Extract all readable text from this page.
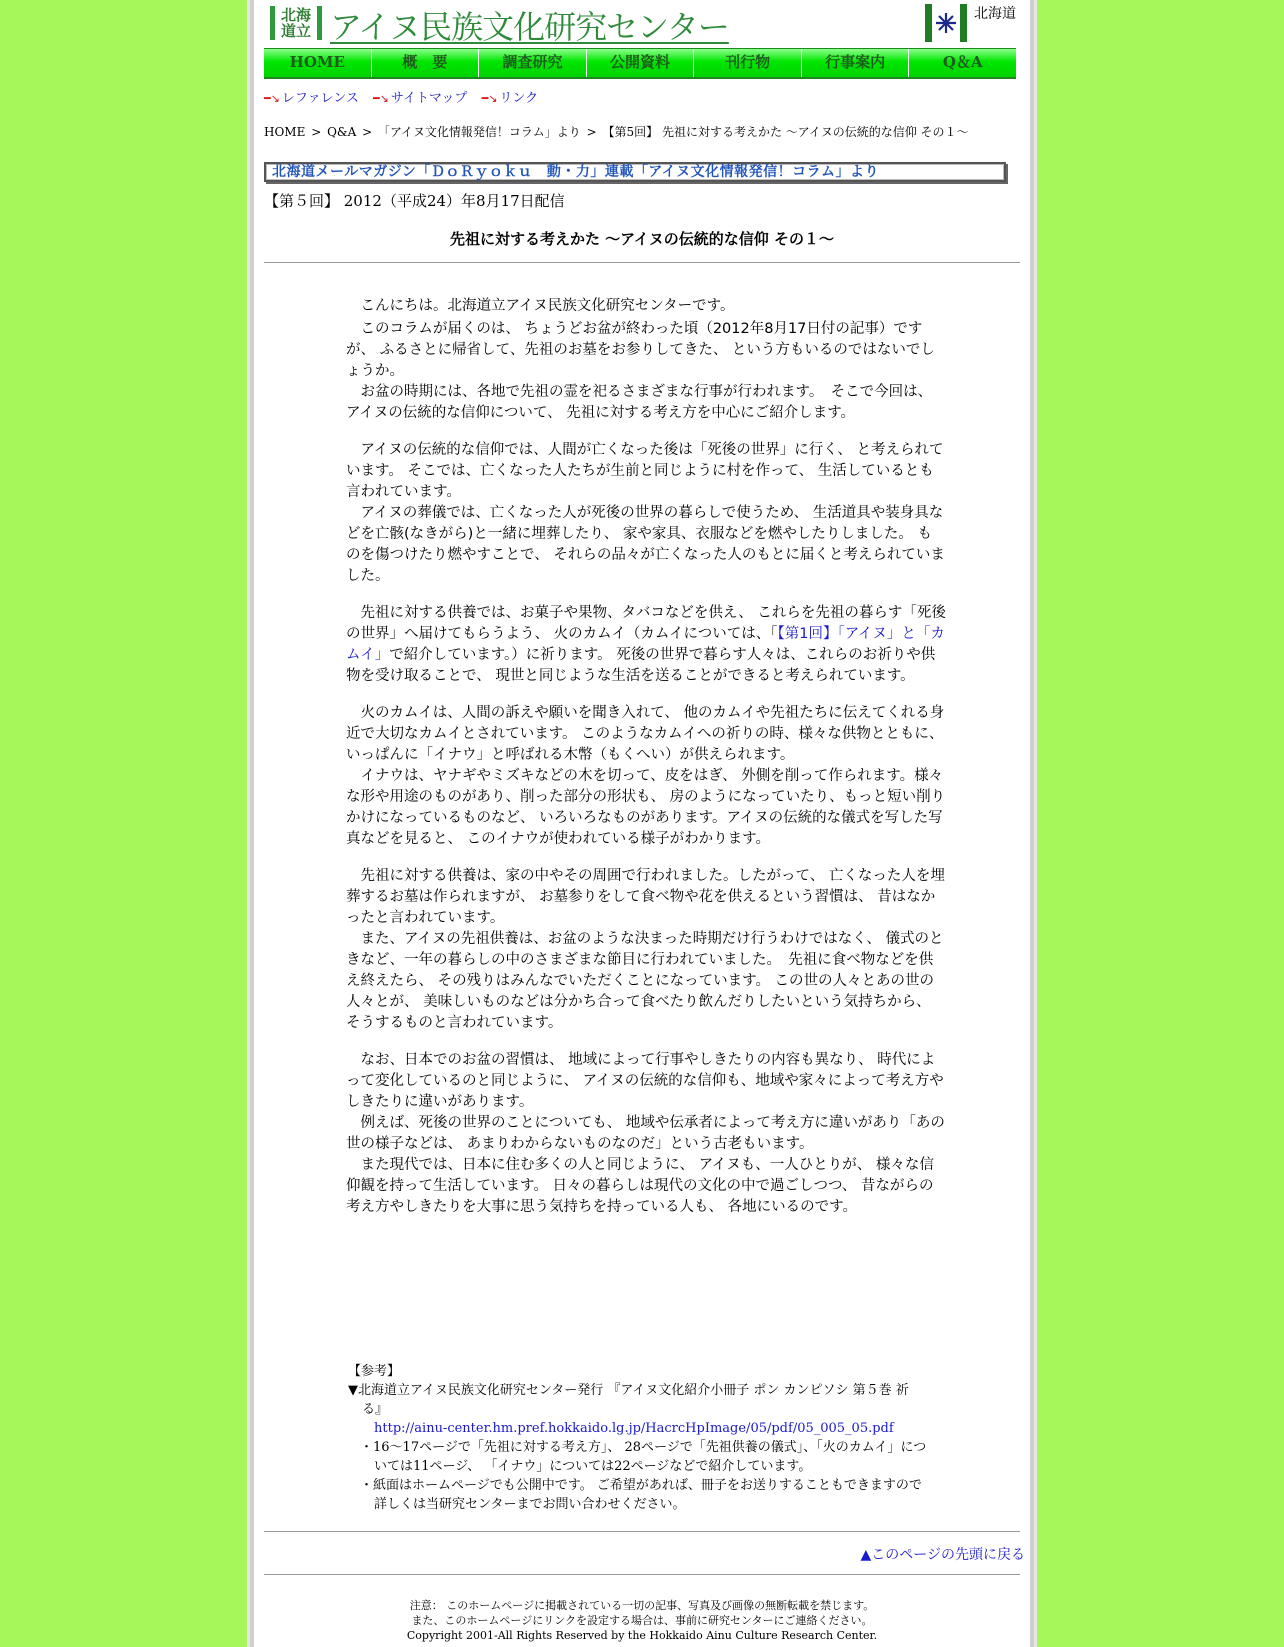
北海
道立 アイヌ民族文化研究センター	北海道
HOME	概　要	調査研究	公開資料	刊行物	行事案内	Q＆A
━↘ レファレンス ━↘ サイトマップ ━↘ リンク
HOME > Q&A > 「アイヌ文化情報発信！コラム」より > 【第5回】 先祖に対する考えかた ～アイヌの伝統的な信仰 その１～
北海道メールマガジン「ＤｏＲｙｏｋｕ　動・力」連載「アイヌ文化情報発信！コラム」より
【第５回】 2012（平成24）年8月17日配信
先祖に対する考えかた ～アイヌの伝統的な信仰 その１～

　こんにちは。北海道立アイヌ民族文化研究センターです。

　このコラムが届くのは、 ちょうどお盆が終わった頃（2012年8月17日付の記事）ですが、 ふるさとに帰省して、先祖のお墓をお参りしてきた、 という方もいるのではないでしょうか。

　お盆の時期には、各地で先祖の霊を祀るさまざまな行事が行われます。　そこで今回は、アイヌの伝統的な信仰について、 先祖に対する考え方を中心にご紹介します。

　アイヌの伝統的な信仰では、人間が亡くなった後は「死後の世界」に行く、 と考えられています。 そこでは、亡くなった人たちが生前と同じように村を作って、 生活しているとも言われています。

　アイヌの葬儀では、亡くなった人が死後の世界の暮らしで使うため、 生活道具や装身具などを亡骸(なきがら)と一緒に埋葬したり、 家や家具、衣服などを燃やしたりしました。 ものを傷つけたり燃やすことで、 それらの品々が亡くなった人のもとに届くと考えられていました。

　先祖に対する供養では、お菓子や果物、タバコなどを供え、 これらを先祖の暮らす「死後の世界」へ届けてもらうよう、 火のカムイ（カムイについては、「【第1回】「アイヌ」と「カムイ」で紹介しています。）に祈ります。 死後の世界で暮らす人々は、これらのお祈りや供物を受け取ることで、 現世と同じような生活を送ることができると考えられています。

　火のカムイは、人間の訴えや願いを聞き入れて、 他のカムイや先祖たちに伝えてくれる身近で大切なカムイとされています。 このようなカムイへの祈りの時、様々な供物とともに、 いっぱんに「イナウ」と呼ばれる木幣（もくへい）が供えられます。

　イナウは、ヤナギやミズキなどの木を切って、皮をはぎ、 外側を削って作られます。様々な形や用途のものがあり、削った部分の形状も、 房のようになっていたり、もっと短い削りかけになっているものなど、 いろいろなものがあります。アイヌの伝統的な儀式を写した写真などを見ると、 このイナウが使われている様子がわかります。

　先祖に対する供養は、家の中やその周囲で行われました。したがって、 亡くなった人を埋葬するお墓は作られますが、 お墓参りをして食べ物や花を供えるという習慣は、 昔はなかったと言われています。

　また、アイヌの先祖供養は、お盆のような決まった時期だけ行うわけではなく、 儀式のときなど、一年の暮らしの中のさまざまな節目に行われていました。　先祖に食べ物などを供え終えたら、 その残りはみんなでいただくことになっています。 この世の人々とあの世の人々とが、 美味しいものなどは分かち合って食べたり飲んだりしたいという気持ちから、 そうするものと言われています。

　なお、日本でのお盆の習慣は、 地域によって行事やしきたりの内容も異なり、 時代によって変化しているのと同じように、 アイヌの伝統的な信仰も、地域や家々によって考え方やしきたりに違いがあります。

　例えば、死後の世界のことについても、 地域や伝承者によって考え方に違いがあり「あの世の様子などは、 あまりわからないものなのだ」という古老もいます。

　また現代では、日本に住む多くの人と同じように、 アイヌも、一人ひとりが、 様々な信仰観を持って生活しています。 日々の暮らしは現代の文化の中で過ごしつつ、 昔ながらの考え方やしきたりを大事に思う気持ちを持っている人も、 各地にいるのです。

【参考】
▼北海道立アイヌ民族文化研究センター発行 『アイヌ文化紹介小冊子 ポン カンピソシ 第５巻 祈る』
http://ainu-center.hm.pref.hokkaido.lg.jp/HacrcHpImage/05/pdf/05_005_05.pdf
・16～17ページで「先祖に対する考え方」、 28ページで「先祖供養の儀式」、「火のカムイ」については11ページ、 「イナウ」については22ページなどで紹介しています。
・紙面はホームページでも公開中です。 ご希望があれば、冊子をお送りすることもできますので 詳しくは当研究センターまでお問い合わせください。
▲このページの先頭に戻る
注意： このホームページに掲載されている一切の記事、写真及び画像の無断転載を禁じます。
また、このホームページにリンクを設定する場合は、事前に研究センターにご連絡ください。
Copyright 2001-All Rights Reserved by the Hokkaido Ainu Culture Research Center.
